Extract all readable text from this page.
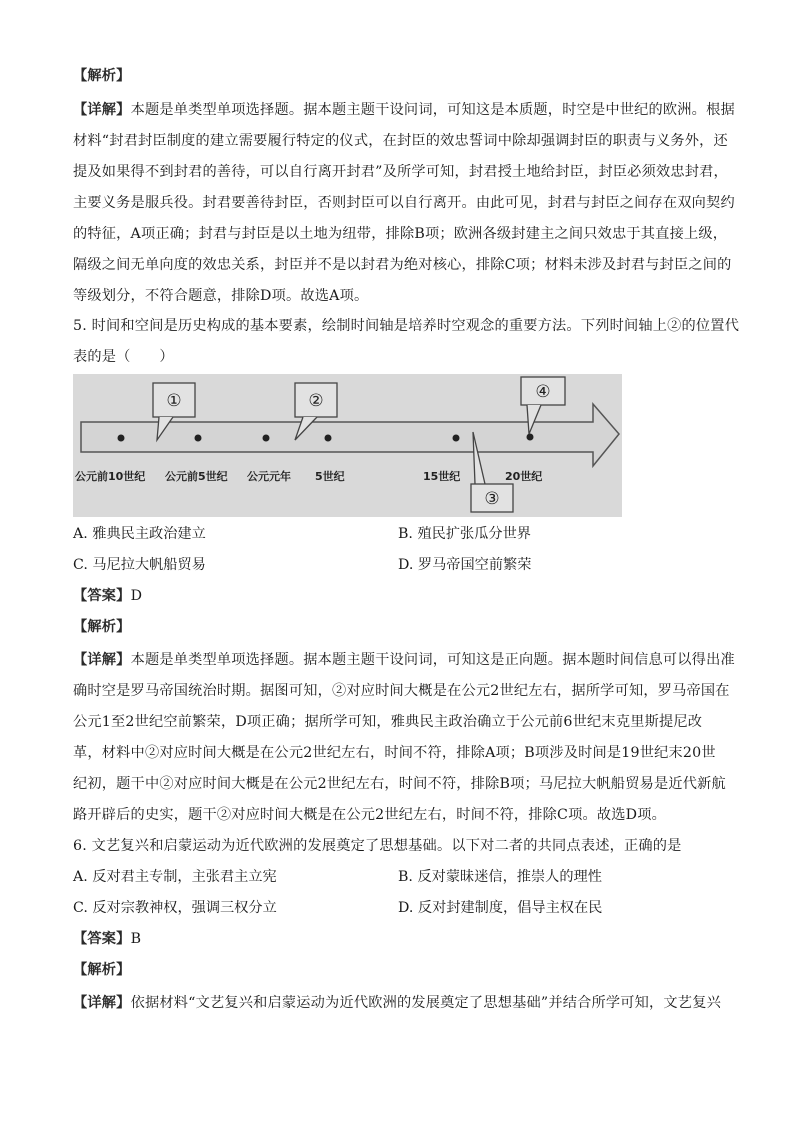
【解析】
【详解】本题是单类型单项选择题。据本题主题干设问词，可知这是本质题，时空是中世纪的欧洲。根据
材料“封君封臣制度的建立需要履行特定的仪式，在封臣的效忠誓词中除却强调封臣的职责与义务外，还
提及如果得不到封君的善待，可以自行离开封君”及所学可知，封君授土地给封臣，封臣必须效忠封君，
主要义务是服兵役。封君要善待封臣，否则封臣可以自行离开。由此可见，封君与封臣之间存在双向契约
的特征，A项正确；封君与封臣是以土地为纽带，排除B项；欧洲各级封建主之间只效忠于其直接上级，
隔级之间无单向度的效忠关系，封臣并不是以封君为绝对核心，排除C项；材料未涉及封君与封臣之间的
等级划分，不符合题意，排除D项。故选A项。
5. 时间和空间是历史构成的基本要素，绘制时间轴是培养时空观念的重要方法。下列时间轴上②的位置代
表的是（　　）
①	②	④
③
公元前10世纪 公元前5世纪 公元元年 5世纪	15世纪	20世纪
A. 雅典民主政治建立	B. 殖民扩张瓜分世界
C. 马尼拉大帆船贸易	D. 罗马帝国空前繁荣
【答案】D
【解析】
【详解】本题是单类型单项选择题。据本题主题干设问词，可知这是正向题。据本题时间信息可以得出准
确时空是罗马帝国统治时期。据图可知，②对应时间大概是在公元2世纪左右，据所学可知，罗马帝国在
公元1至2世纪空前繁荣，D项正确；据所学可知，雅典民主政治确立于公元前6世纪末克里斯提尼改
革，材料中②对应时间大概是在公元2世纪左右，时间不符，排除A项；B项涉及时间是19世纪末20世
纪初，题干中②对应时间大概是在公元2世纪左右，时间不符，排除B项；马尼拉大帆船贸易是近代新航
路开辟后的史实，题干②对应时间大概是在公元2世纪左右，时间不符，排除C项。故选D项。
6. 文艺复兴和启蒙运动为近代欧洲的发展奠定了思想基础。以下对二者的共同点表述，正确的是
A. 反对君主专制，主张君主立宪	B. 反对蒙昧迷信，推崇人的理性
C. 反对宗教神权，强调三权分立	D. 反对封建制度，倡导主权在民
【答案】B
【解析】
【详解】依据材料“文艺复兴和启蒙运动为近代欧洲的发展奠定了思想基础”并结合所学可知，文艺复兴
